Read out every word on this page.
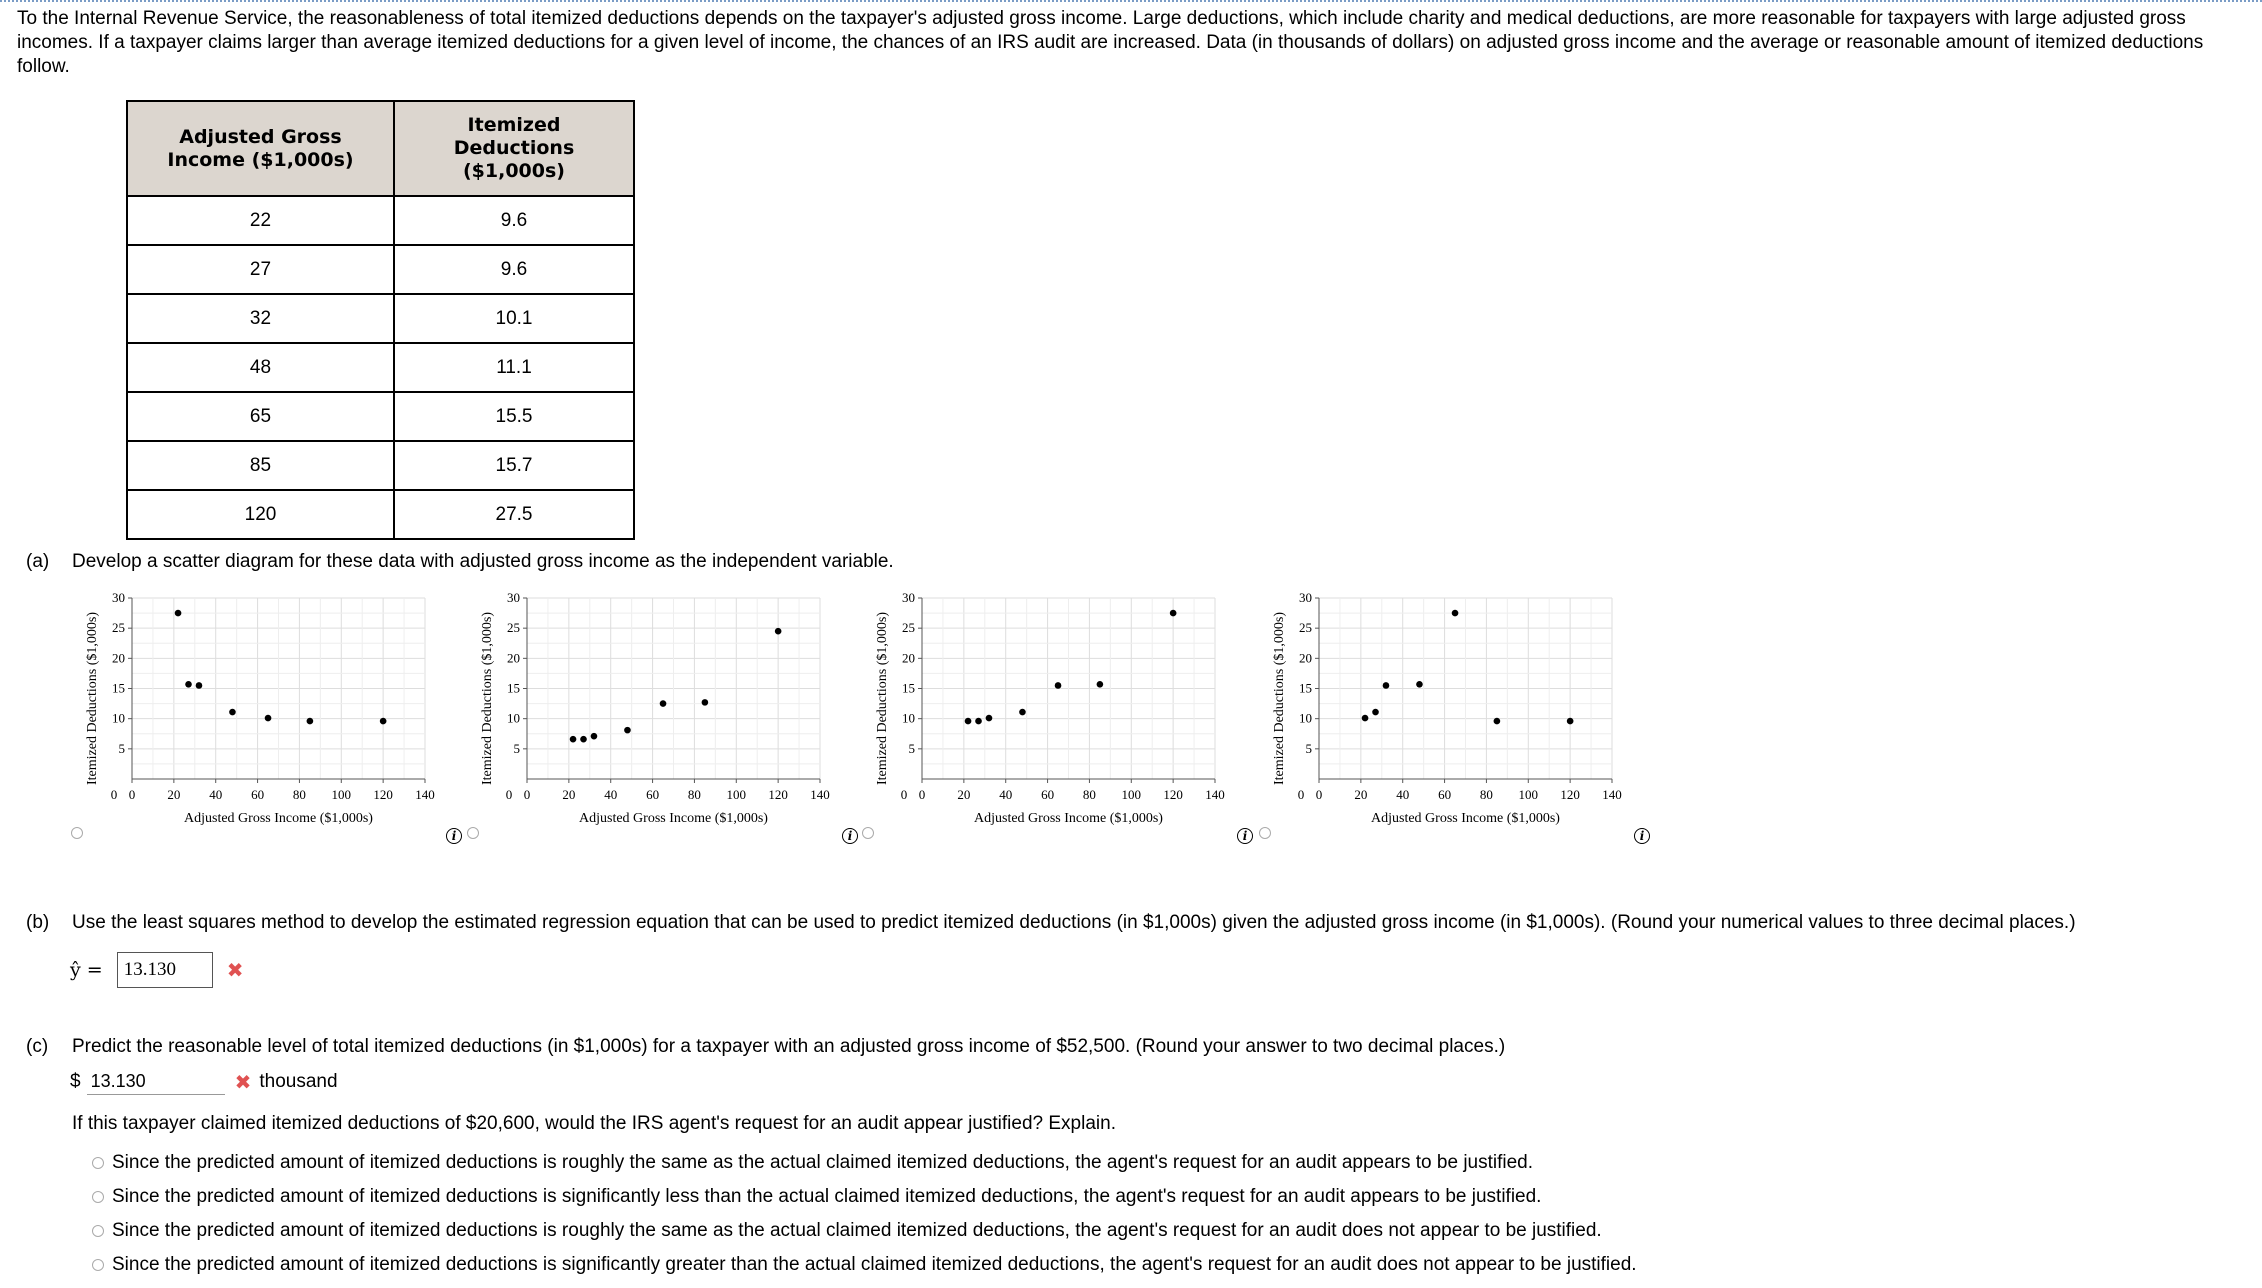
To the Internal Revenue Service, the reasonableness of total itemized deductions depends on the taxpayer's adjusted gross income. Large deductions, which include charity and medical deductions, are more reasonable for taxpayers with large adjusted gross incomes. If a taxpayer claims larger than average itemized deductions for a given level of income, the chances of an IRS audit are increased. Data (in thousands of dollars) on adjusted gross income and the average or reasonable amount of itemized deductions follow.
Adjusted Gross Income ($1,000s)	Itemized Deductions ($1,000s)
22	9.6
27	9.6
32	10.1
48	11.1
65	15.5
85	15.7
120	27.5
(a) Develop a scatter diagram for these data with adjusted gross income as the independent variable.
0 20 40 60 80 100 120 140
5
10
15
20
25
30
0
Adjusted Gross Income ($1,000s)
Itemized Deductions ($1,000s)
i
0 20 40 60 80 100 120 140
5
10
15
20
25
30
0
Adjusted Gross Income ($1,000s)
Itemized Deductions ($1,000s)
i
0 20 40 60 80 100 120 140
5
10
15
20
25
30
0
Adjusted Gross Income ($1,000s)
Itemized Deductions ($1,000s)
i
0 20 40 60 80 100 120 140
5
10
15
20
25
30
0
Adjusted Gross Income ($1,000s)
Itemized Deductions ($1,000s)
i
(b) Use the least squares method to develop the estimated regression equation that can be used to predict itemized deductions (in $1,000s) given the adjusted gross income (in $1,000s). (Round your numerical values to three decimal places.)
ŷ =
13.130	✖
(c) Predict the reasonable level of total itemized deductions (in $1,000s) for a taxpayer with an adjusted gross income of $52,500. (Round your answer to two decimal places.)
$
13.130	✖ thousand
If this taxpayer claimed itemized deductions of $20,600, would the IRS agent's request for an audit appear justified? Explain.
Since the predicted amount of itemized deductions is roughly the same as the actual claimed itemized deductions, the agent's request for an audit appears to be justified.
Since the predicted amount of itemized deductions is significantly less than the actual claimed itemized deductions, the agent's request for an audit appears to be justified.
Since the predicted amount of itemized deductions is roughly the same as the actual claimed itemized deductions, the agent's request for an audit does not appear to be justified.
Since the predicted amount of itemized deductions is significantly greater than the actual claimed itemized deductions, the agent's request for an audit does not appear to be justified.
